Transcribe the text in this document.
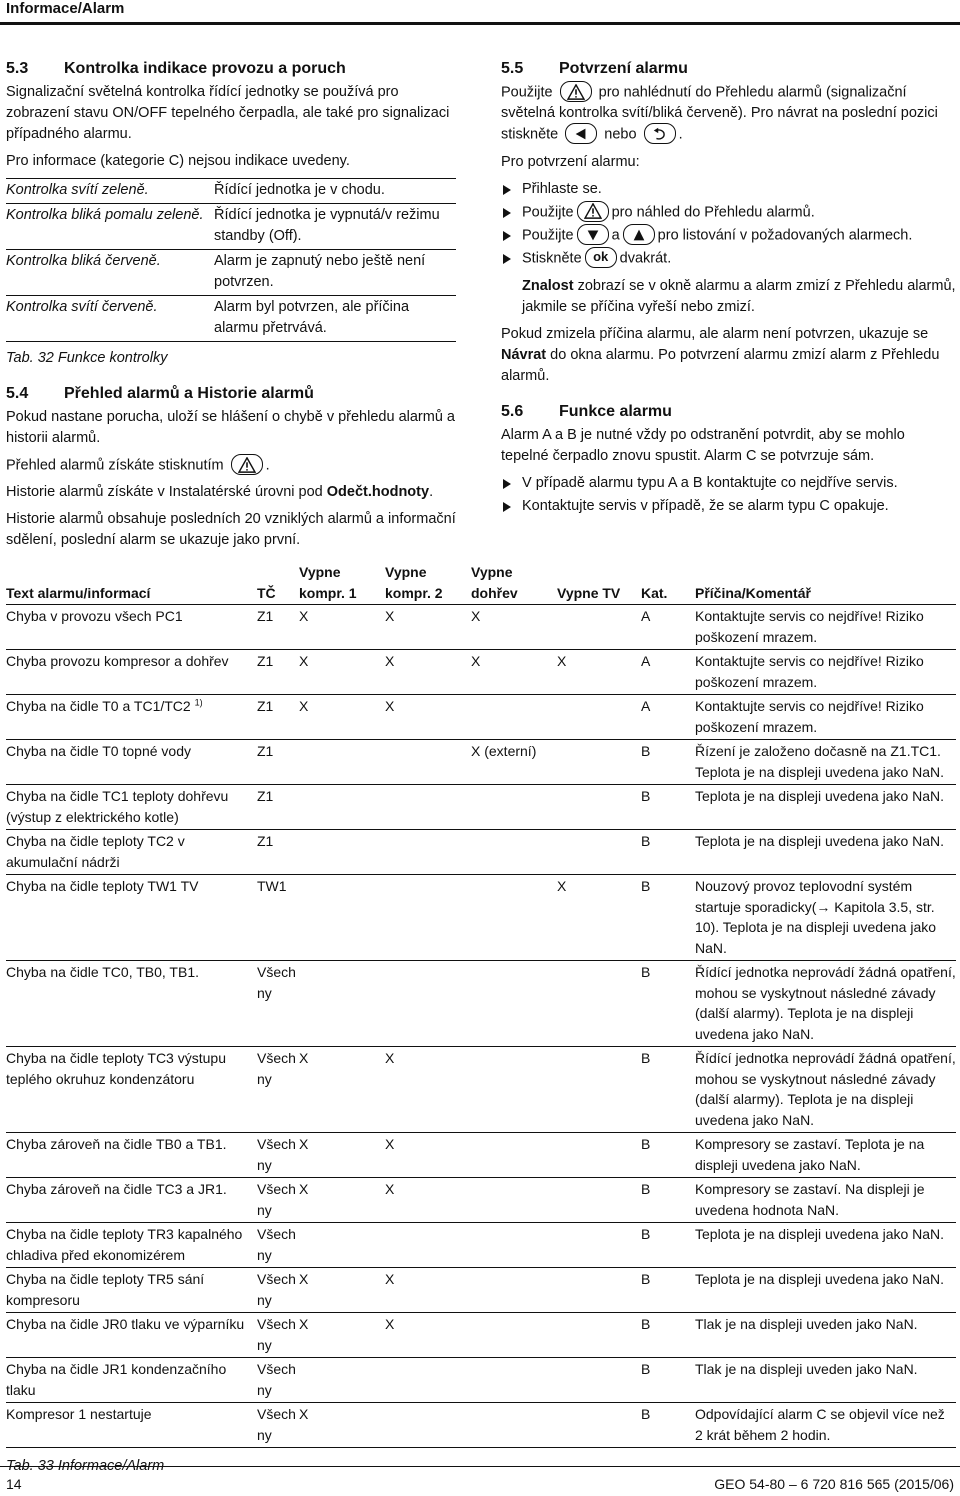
Informace/Alarm
5.3 Kontrolka indikace provozu a poruch

Signalizační světelná kontrolka řídící jednotky se používá pro zobrazení stavu ON/OFF tepelného čerpadla, ale také pro signalizaci případného alarmu.

Pro informace (kategorie C) nejsou indikace uvedeny.

Kontrolka svítí zeleně.	Řídící jednotka je v chodu.
Kontrolka bliká pomalu zeleně.	Řídící jednotka je vypnutá/v režimu standby (Off).
Kontrolka bliká červeně.	Alarm je zapnutý nebo ještě není potvrzen.
Kontrolka svítí červeně.	Alarm byl potvrzen, ale příčina alarmu přetrvává.
Tab. 32 Funkce kontrolky
5.4 Přehled alarmů a Historie alarmů

Pokud nastane porucha, uloží se hlášení o chybě v přehledu alarmů a historii alarmů.

Přehled alarmů získáte stisknutím	.

Historie alarmů získáte v Instalatérské úrovni pod Odečt.hodnoty.

Historie alarmů obsahuje posledních 20 vzniklých alarmů a informační sdělení, poslední alarm se ukazuje jako první.

5.5 Potvrzení alarmu

Použijte	pro nahlédnutí do Přehledu alarmů (signalizační světelná kontrolka svítí/bliká červeně). Pro návrat na poslední pozici stiskněte	nebo	.

Pro potvrzení alarmu:

Přihlaste se.
Použijte	pro náhled do Přehledu alarmů.
Použijte	a	pro listování v požadovaných alarmech.
Stiskněte ok dvakrát.
Znalost zobrazí se v okně alarmu a alarm zmizí z Přehledu alarmů, jakmile se příčina vyřeší nebo zmizí.

Pokud zmizela příčina alarmu, ale alarm není potvrzen, ukazuje se Návrat do okna alarmu. Po potvrzení alarmu zmizí alarm z Přehledu alarmů.

5.6 Funkce alarmu

Alarm A a B je nutné vždy po odstranění potvrdit, aby se mohlo tepelné čerpadlo znovu spustit. Alarm C se potvrzuje sám.

V případě alarmu typu A a B kontaktujte co nejdříve servis.
Kontaktujte servis v případě, že se alarm typu C opakuje.
Text alarmu/informací	TČ	Vypne kompr. 1	Vypne kompr. 2	Vypne dohřev	Vypne TV	Kat.	Příčina/Komentář
Chyba v provozu všech PC1	Z1	X	X	X		A	Kontaktujte servis co nejdříve! Riziko poškození mrazem.
Chyba provozu kompresor a dohřev	Z1	X	X	X	X	A	Kontaktujte servis co nejdříve! Riziko poškození mrazem.
Chyba na čidle T0 a TC1/TC2 $^{1)}$	Z1	X	X			A	Kontaktujte servis co nejdříve! Riziko poškození mrazem.
Chyba na čidle T0 topné vody	Z1			X (externí)		B	Řízení je založeno dočasně na Z1.TC1. Teplota je na displeji uvedena jako NaN.
Chyba na čidle TC1 teploty dohřevu (výstup z elektrického kotle)	Z1					B	Teplota je na displeji uvedena jako NaN.
Chyba na čidle teploty TC2 v akumulační nádrži	Z1					B	Teplota je na displeji uvedena jako NaN.
Chyba na čidle teploty TW1 TV	TW1				X	B	Nouzový provoz teplovodní systém startuje sporadicky(→ Kapitola 3.5, str. 10). Teplota je na displeji uvedena jako NaN.
Chyba na čidle TC0, TB0, TB1.	Všech ny					B	Řídící jednotka neprovádí žádná opatření, mohou se vyskytnout následné závady (další alarmy). Teplota je na displeji uvedena jako NaN.
Chyba na čidle teploty TC3 výstupu teplého okruhuz kondenzátoru	Všech ny	X	X			B	Řídící jednotka neprovádí žádná opatření, mohou se vyskytnout následné závady (další alarmy). Teplota je na displeji uvedena jako NaN.
Chyba zároveň na čidle TB0 a TB1.	Všech ny	X	X			B	Kompresory se zastaví. Teplota je na displeji uvedena jako NaN.
Chyba zároveň na čidle TC3 a JR1.	Všech ny	X	X			B	Kompresory se zastaví. Na displeji je uvedena hodnota NaN.
Chyba na čidle teploty TR3 kapalného chladiva před ekonomizérem	Všech ny					B	Teplota je na displeji uvedena jako NaN.
Chyba na čidle teploty TR5 sání kompresoru	Všech ny	X	X			B	Teplota je na displeji uvedena jako NaN.
Chyba na čidle JR0 tlaku ve výparníku	Všech ny	X	X			B	Tlak je na displeji uveden jako NaN.
Chyba na čidle JR1 kondenzačního tlaku	Všech ny					B	Tlak je na displeji uveden jako NaN.
Kompresor 1 nestartuje	Všech ny	X				B	Odpovídající alarm C se objevil více než 2 krát během 2 hodin.
Tab. 33 Informace/Alarm
14	GEO 54-80 – 6 720 816 565 (2015/06)
